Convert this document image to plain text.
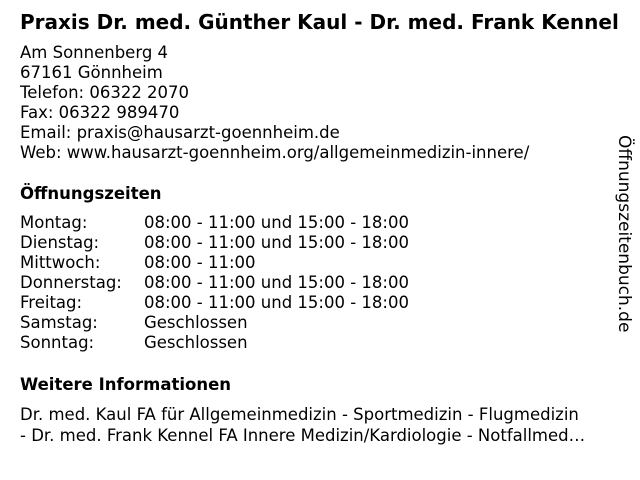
Praxis Dr. med. Günther Kaul - Dr. med. Frank Kennel
Am Sonnenberg 4
67161 Gönnheim
Telefon: 06322 2070
Fax: 06322 989470
Email: praxis@hausarzt-goennheim.de
Web: www.hausarzt-goennheim.org/allgemeinmedizin-innere/
Öffnungszeiten
Montag:	08:00 - 11:00 und 15:00 - 18:00
Dienstag:	08:00 - 11:00 und 15:00 - 18:00
Mittwoch:	08:00 - 11:00
Donnerstag:	08:00 - 11:00 und 15:00 - 18:00
Freitag:	08:00 - 11:00 und 15:00 - 18:00
Samstag:	Geschlossen
Sonntag:	Geschlossen
Weitere Informationen
Dr. med. Kaul FA für Allgemeinmedizin - Sportmedizin - Flugmedizin
- Dr. med. Frank Kennel FA Innere Medizin/Kardiologie - Notfallmed…
Öffnungszeitenbuch.de
